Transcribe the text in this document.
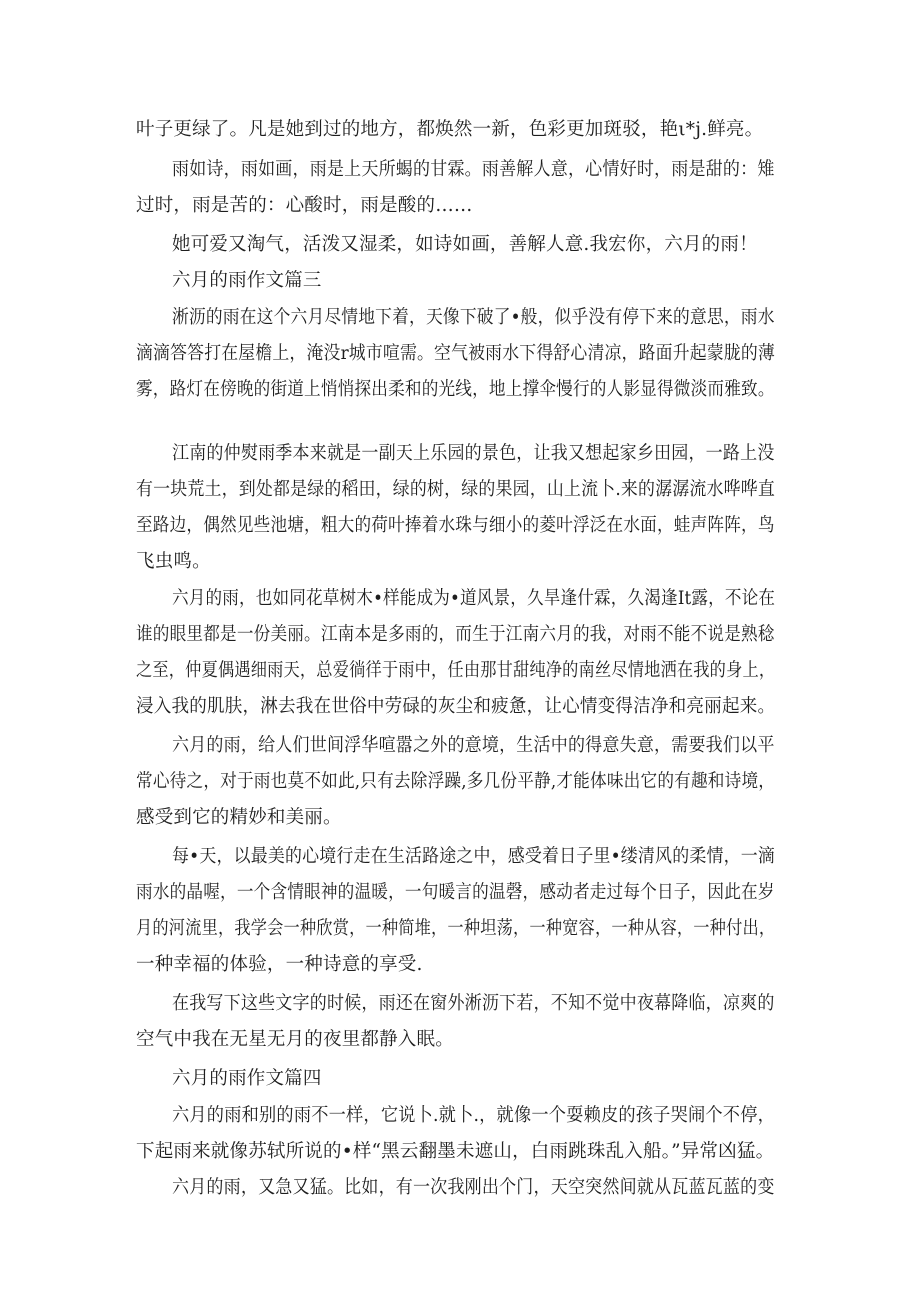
叶子更绿了。凡是她到过的地方，都焕然一新，色彩更加斑驳，艳ι*j.鲜亮。

雨如诗，雨如画，雨是上天所蝎的甘霖。雨善解人意，心情好时，雨是甜的：雉

过时，雨是苦的：心酸时，雨是酸的……

她可爱又淘气，活泼又湿柔，如诗如画，善解人意.我宏你，六月的雨！

六月的雨作文篇三

淅沥的雨在这个六月尽情地下着，天像下破了•般，似乎没有停下来的意思，雨水

滴滴答答打在屋檐上，淹没r城市喧需。空气被雨水下得舒心清凉，路面升起蒙胧的薄

雾，路灯在傍晚的街道上悄悄探出柔和的光线，地上撑伞慢行的人影显得微淡而雅致。

江南的仲熨雨季本来就是一副天上乐园的景色，让我又想起家乡田园，一路上没

有一块荒土，到处都是绿的稻田，绿的树，绿的果园，山上流卜.来的潺潺流水哗哗直

至路边，偶然见些池塘，粗大的荷叶捧着水珠与细小的菱叶浮泛在水面，蛙声阵阵，鸟

飞虫鸣。

六月的雨，也如同花草树木•样能成为•道风景，久旱逢什霖，久渴逢It露，不论在

谁的眼里都是一份美丽。江南本是多雨的，而生于江南六月的我，对雨不能不说是熟稔

之至，仲夏偶遇细雨天，总爱徜徉于雨中，任由那甘甜纯净的南丝尽情地洒在我的身上，

浸入我的肌肤，淋去我在世俗中劳碌的灰尘和疲惫，让心情变得洁净和亮丽起来。

六月的雨，给人们世间浮华喧嚣之外的意境，生活中的得意失意，需要我们以平

常心待之，对于雨也莫不如此,只有去除浮躁,多几份平静,才能体味出它的有趣和诗境，

感受到它的精妙和美丽。

每•天，以最美的心境行走在生活路途之中，感受着日子里•缕清风的柔情，一滴

雨水的晶喔，一个含情眼神的温暖，一句暖言的温磬，感动者走过每个日子，因此在岁

月的河流里，我学会一种欣赏，一种简堆，一种坦荡，一种宽容，一种从容，一种付出，

一种幸福的体验，一种诗意的享受.

在我写下这些文字的时候，雨还在窗外淅沥下若，不知不觉中夜幕降临，凉爽的

空气中我在无星无月的夜里都静入眠。

六月的雨作文篇四

六月的雨和别的雨不一样，它说卜.就卜.，就像一个耍赖皮的孩子哭闹个不停，

下起雨来就像苏轼所说的•样“黑云翻墨未遮山，白雨跳珠乱入船。”异常凶猛。

六月的雨，又急又猛。比如，有一次我刚出个门，天空突然间就从瓦蓝瓦蓝的变
